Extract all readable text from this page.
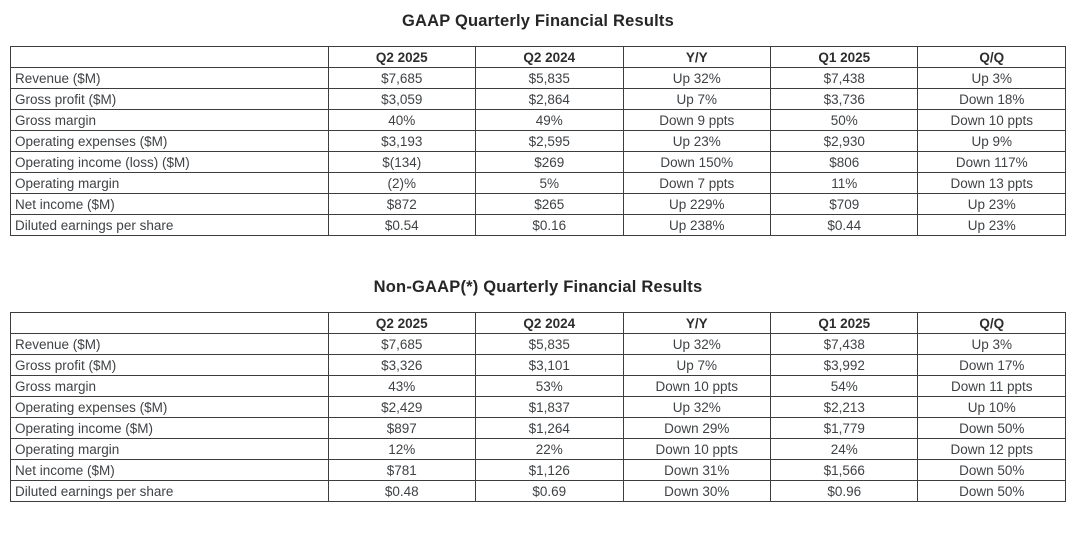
GAAP Quarterly Financial Results
	Q2 2025	Q2 2024	Y/Y	Q1 2025	Q/Q
Revenue ($M)	$7,685	$5,835	Up 32%	$7,438	Up 3%
Gross profit ($M)	$3,059	$2,864	Up 7%	$3,736	Down 18%
Gross margin	40%	49%	Down 9 ppts	50%	Down 10 ppts
Operating expenses ($M)	$3,193	$2,595	Up 23%	$2,930	Up 9%
Operating income (loss) ($M)	$(134)	$269	Down 150%	$806	Down 117%
Operating margin	(2)%	5%	Down 7 ppts	11%	Down 13 ppts
Net income ($M)	$872	$265	Up 229%	$709	Up 23%
Diluted earnings per share	$0.54	$0.16	Up 238%	$0.44	Up 23%
Non-GAAP(*) Quarterly Financial Results
	Q2 2025	Q2 2024	Y/Y	Q1 2025	Q/Q
Revenue ($M)	$7,685	$5,835	Up 32%	$7,438	Up 3%
Gross profit ($M)	$3,326	$3,101	Up 7%	$3,992	Down 17%
Gross margin	43%	53%	Down 10 ppts	54%	Down 11 ppts
Operating expenses ($M)	$2,429	$1,837	Up 32%	$2,213	Up 10%
Operating income ($M)	$897	$1,264	Down 29%	$1,779	Down 50%
Operating margin	12%	22%	Down 10 ppts	24%	Down 12 ppts
Net income ($M)	$781	$1,126	Down 31%	$1,566	Down 50%
Diluted earnings per share	$0.48	$0.69	Down 30%	$0.96	Down 50%
